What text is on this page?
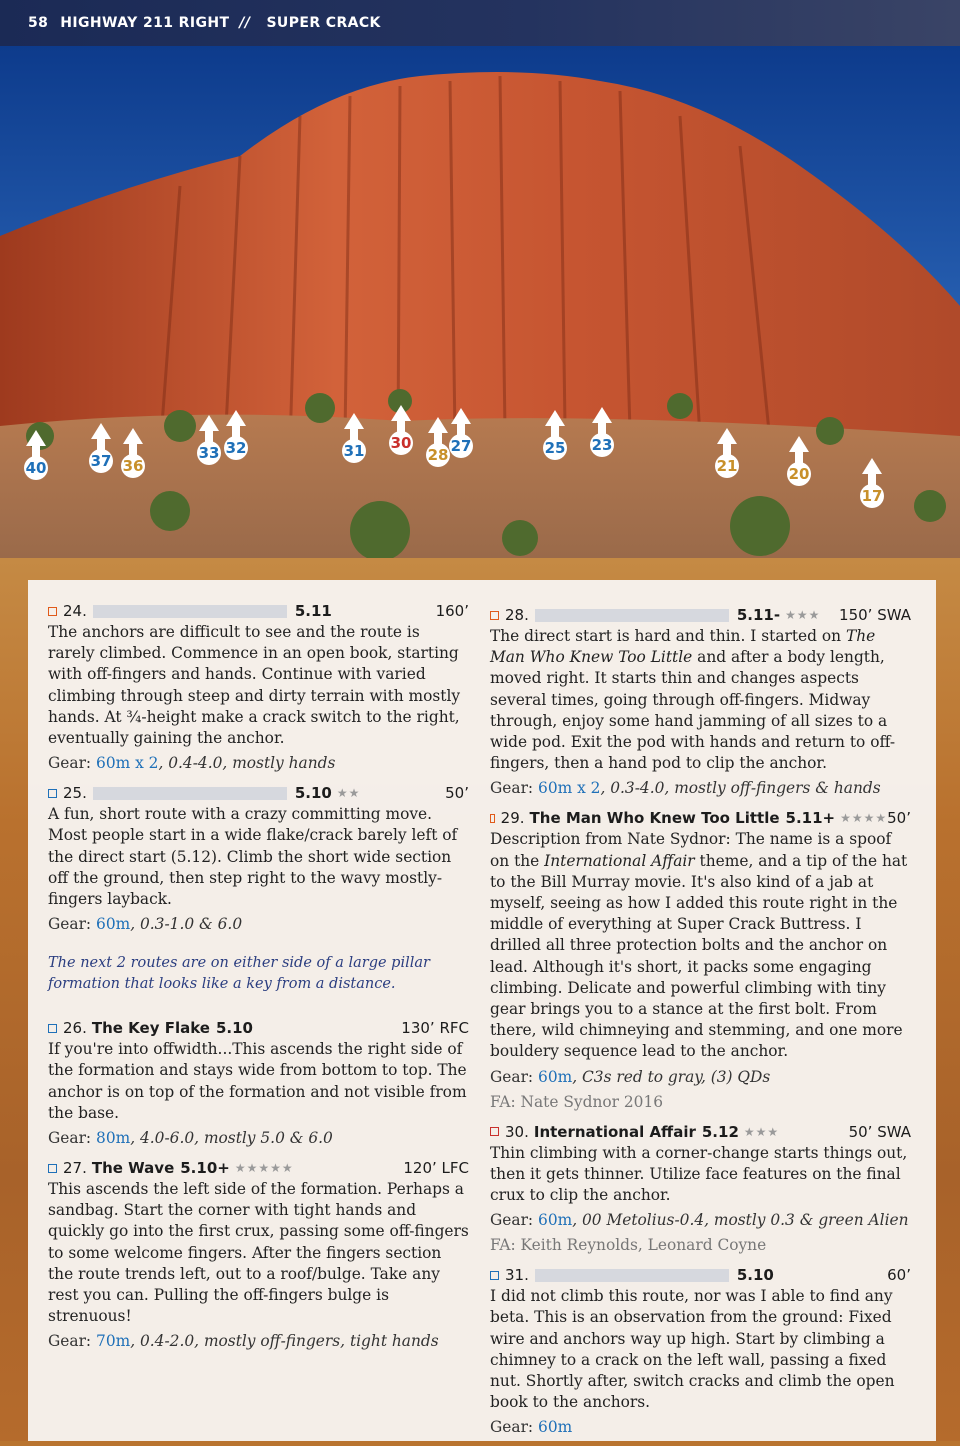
58 HIGHWAY 211 RIGHT // SUPER CRACK
40	37 36
33 32	31 30
28 27	25 23
21	20
17
24.	5.11	160’

The anchors are difficult to see and the route is rarely climbed. Commence in an open book, starting with off-fingers and hands. Continue with varied climbing through steep and dirty terrain with mostly hands. At ¾-height make a crack switch to the right, eventually gaining the anchor.

Gear: 60m x 2, 0.4-4.0, mostly hands
25.	5.10 ★★	50’

A fun, short route with a crazy committing move. Most people start in a wide flake/crack barely left of the direct start (5.12). Climb the short wide section off the ground, then step right to the wavy mostly-fingers layback.

Gear: 60m, 0.3-1.0 & 6.0

The next 2 routes are on either side of a large pillar formation that looks like a key from a distance.

26. The Key Flake 5.10	130’ RFC

If you're into offwidth...This ascends the right side of the formation and stays wide from bottom to top. The anchor is on top of the formation and not visible from the base.

Gear: 80m, 4.0-6.0, mostly 5.0 & 6.0
27. The Wave 5.10+ ★★★★★	120’ LFC

This ascends the left side of the formation. Perhaps a sandbag. Start the corner with tight hands and quickly go into the first crux, passing some off-fingers to some welcome fingers. After the fingers section the route trends left, out to a roof/bulge. Take any rest you can. Pulling the off-fingers bulge is strenuous!

Gear: 70m, 0.4-2.0, mostly off-fingers, tight hands
28.	5.11- ★★★ 150’ SWA

The direct start is hard and thin. I started on The Man Who Knew Too Little and after a body length, moved right. It starts thin and changes aspects several times, going through off-fingers. Midway through, enjoy some hand jamming of all sizes to a wide pod. Exit the pod with hands and return to off-fingers, then a hand pod to clip the anchor.

Gear: 60m x 2, 0.3-4.0, mostly off-fingers & hands
29. The Man Who Knew Too Little 5.11+ ★★★★ 50’

Description from Nate Sydnor: The name is a spoof on the International Affair theme, and a tip of the hat to the Bill Murray movie. It's also kind of a jab at myself, seeing as how I added this route right in the middle of everything at Super Crack Buttress. I drilled all three protection bolts and the anchor on lead. Although it's short, it packs some engaging climbing. Delicate and powerful climbing with tiny gear brings you to a stance at the first bolt. From there, wild chimneying and stemming, and one more bouldery sequence lead to the anchor.

Gear: 60m, C3s red to gray, (3) QDs
FA: Nate Sydnor 2016
30. International Affair 5.12 ★★★	50’ SWA

Thin climbing with a corner-change starts things out, then it gets thinner. Utilize face features on the final crux to clip the anchor.

Gear: 60m, 00 Metolius-0.4, mostly 0.3 & green Alien
FA: Keith Reynolds, Leonard Coyne
31.	5.10	60’

I did not climb this route, nor was I able to find any beta. This is an observation from the ground: Fixed wire and anchors way up high. Start by climbing a chimney to a crack on the left wall, passing a fixed nut. Shortly after, switch cracks and climb the open book to the anchors.

Gear: 60m
